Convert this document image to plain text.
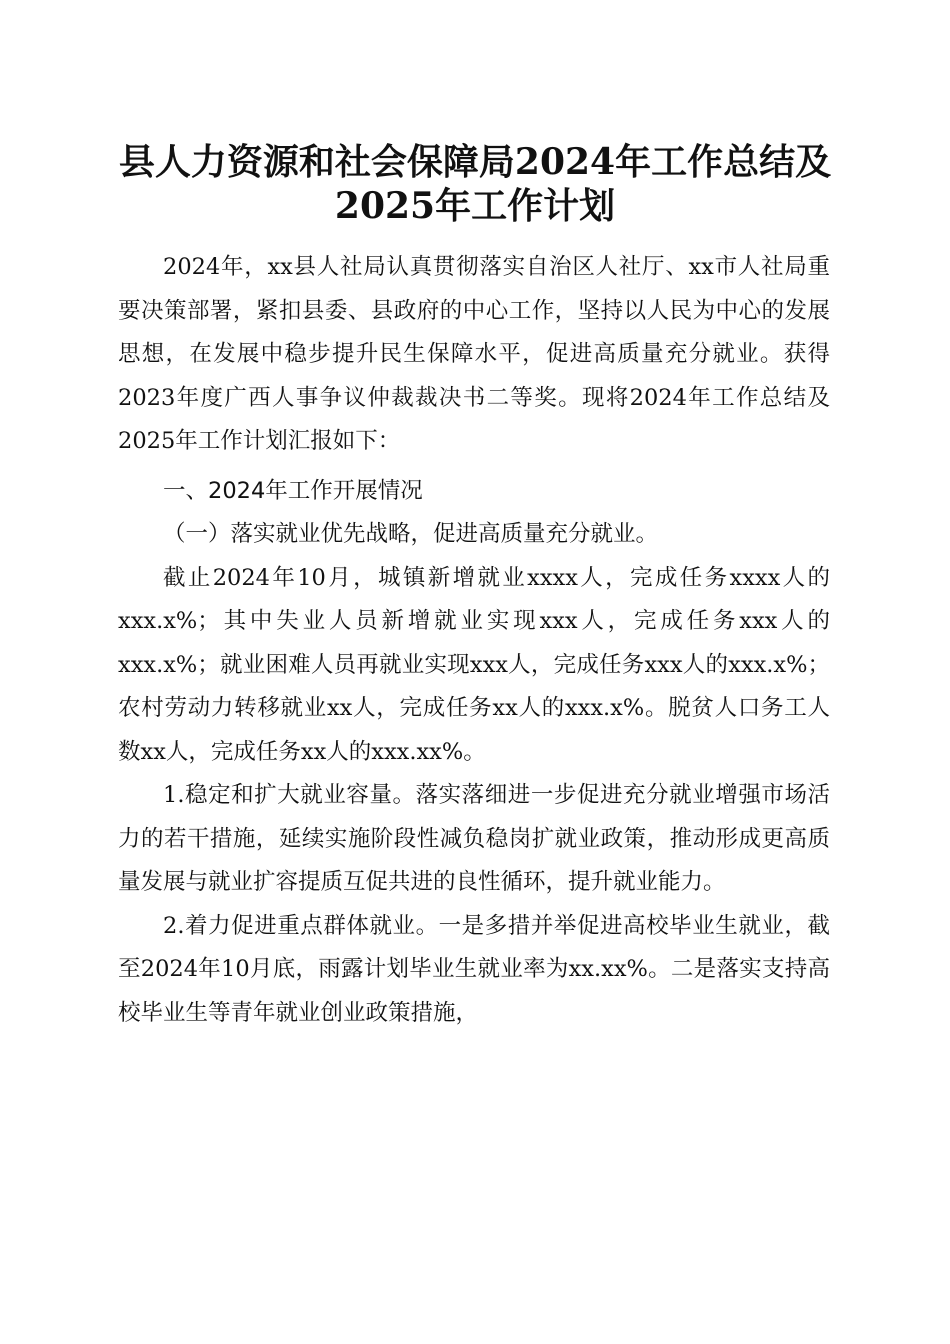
县人力资源和社会保障局2024年工作总结及
2025年工作计划

2024年，xx县人社局认真贯彻落实自治区人社厅、xx市人社局重要决策部署，紧扣县委、县政府的中心工作，坚持以人民为中心的发展思想，在发展中稳步提升民生保障水平，促进高质量充分就业。获得2023年度广西人事争议仲裁裁决书二等奖。现将2024年工作总结及2025年工作计划汇报如下：

一、2024年工作开展情况

（一）落实就业优先战略，促进高质量充分就业。

截止2024年10月，城镇新增就业xxxx人，完成任务xxxx人的xxx.x%；其中失业人员新增就业实现xxx人，完成任务xxx人的xxx.x%；就业困难人员再就业实现xxx人，完成任务xxx人的xxx.x%；农村劳动力转移就业xx人，完成任务xx人的xxx.x%。脱贫人口务工人数xx人，完成任务xx人的xxx.xx%。

1.稳定和扩大就业容量。落实落细进一步促进充分就业增强市场活力的若干措施，延续实施阶段性减负稳岗扩就业政策，推动形成更高质量发展与就业扩容提质互促共进的良性循环，提升就业能力。

2.着力促进重点群体就业。一是多措并举促进高校毕业生就业，截至2024年10月底，雨露计划毕业生就业率为xx.xx%。二是落实支持高校毕业生等青年就业创业政策措施，
